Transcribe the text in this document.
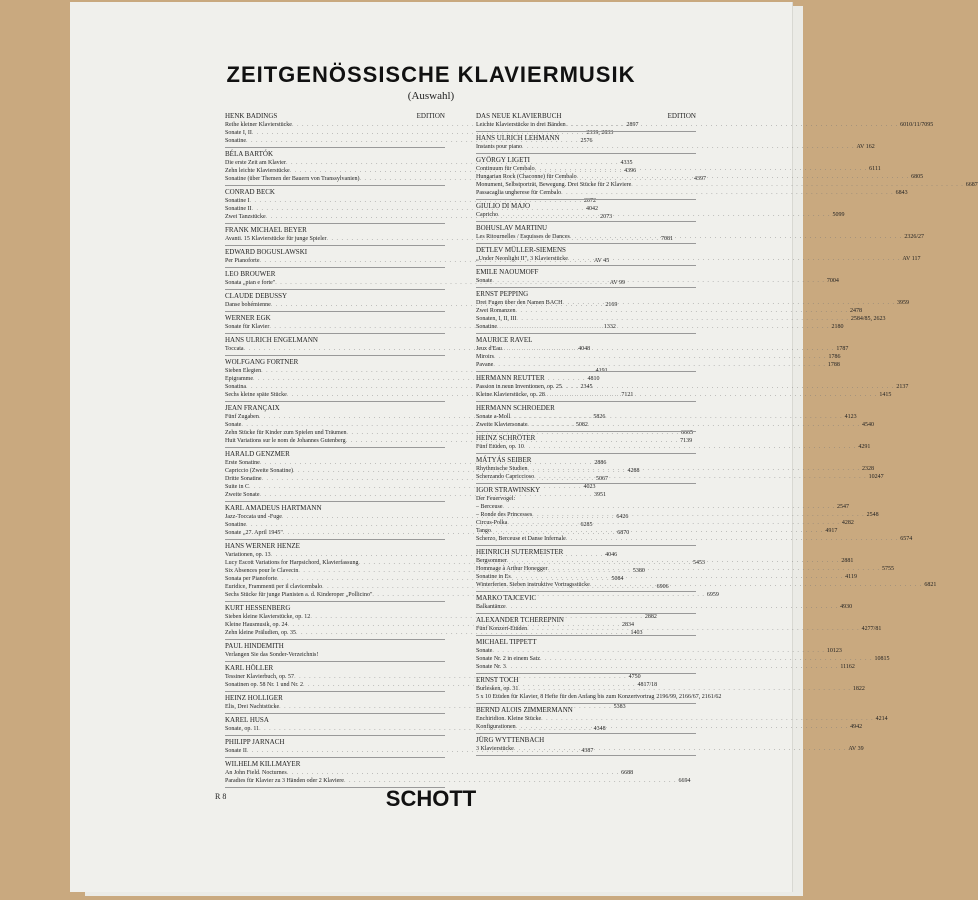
ZEITGENÖSSISCHE KLAVIERMUSIK
(Auswahl)
EDITION
HENK BADINGS
Reihe kleiner Klavierstücke . . .	2897
Sonate I, II . . .	2339, 2833
Sonatine . . .	2576
BÉLA BARTÓK
Die erste Zeit am Klavier . . .	4335
Zehn leichte Klavierstücke . . .	4396
Sonatine (über Themen der Bauern von Transsylvanien) . . .	4397
CONRAD BECK
Sonatine I . . .	2072
Sonatine II . . .	4042
Zwei Tanzstücke . . .	2073
FRANK MICHAEL BEYER
Avanti. 15 Klavierstücke für junge Spieler . . .	7081
EDWARD BOGUSLAWSKI
Per Pianoforte . . .	AV 45
LEO BROUWER
Sonata „pian e forte" . . .	AV 99
CLAUDE DEBUSSY
Danse bohémienne . . .	2169
WERNER EGK
Sonate für Klavier . . .	1332
HANS ULRICH ENGELMANN
Toccata . . .	4048
WOLFGANG FORTNER
Sieben Elegien . . .	4191
Epigramme . . .	4810
Sonatina . . .	2345
Sechs kleine späte Stücke . . .	7121
JEAN FRANÇAIX
Fünf Zugaben . . .	5826
Sonate . . .	5082
Zehn Stücke für Kinder zum Spielen und Träumen . . .	6665
Huit Variations sur le nom de Johannes Gutenberg . . .	7139
HARALD GENZMER
Erste Sonatine . . .	2886
Capriccio (Zweite Sonatine) . . .	4288
Dritte Sonatine . . .	5067
Suite in C . . .	4023
Zweite Sonate . . .	3951
KARL AMADEUS HARTMANN
Jazz-Toccata und -Fuge . . .	6426
Sonatine . . .	6285
Sonate „27. April 1945" . . .	6870
HANS WERNER HENZE
Variationen, op. 13 . . .	4046
Lucy Escott Variations for Harpsichord, Klavierfassung . . .	5453
Six Absences pour le Clavecin . . .	5380
Sonata per Pianoforte . . .	5084
Euridice, Frammenti per il clavicembalo . . .	6906
Sechs Stücke für junge Pianisten a. d. Kinderoper „Pollicino" . . .	6959
KURT HESSENBERG
Sieben kleine Klavierstücke, op. 12 . . .	2882
Kleine Hausmusik, op. 24 . . .	2834
Zehn kleine Präludien, op. 35 . . .	1403
PAUL HINDEMITH
Verlangen Sie das Sonder-Verzeichnis!
KARL HÖLLER
Tessiner Klavierbuch, op. 57 . . .	4750
Sonatinen op. 58 Nr. 1 und Nr. 2 . . .	4817/18
HEINZ HOLLIGER
Elis, Drei Nachtstücke . . .	5383
KAREL HUSA
Sonate, op. 11 . . .	4348
PHILIPP JARNACH
Sonate II . . .	4387
WILHELM KILLMAYER
An John Field. Nocturnes . . .	6688
Paradies für Klavier zu 3 Händen oder 2 Klaviere . . .	6694
DAS NEUE KLAVIERBUCH	EDITION
Leichte Klavierstücke in drei Bänden . . .	6010/11/7095
HANS ULRICH LEHMANN
Instants pour piano . . .	AV 162
GYÖRGY LIGETI
Continuum für Cembalo . . .	6111
Hungarian Rock (Chaconne) für Cembalo . . .	6805
Monument, Selbstporträt, Bewegung. Drei Stücke für 2 Klaviere . . .	6687
Passacaglia ungherese für Cembalo . . .	6843
GIULIO DI MAJO
Capricho . . .	5099
BOHUSLAV MARTINU
Les Ritournelles / Esquisses de Dances . . .	2326/27
DETLEV MÜLLER-SIEMENS
„Under Neonlight II", 3 Klavierstücke . . .	AV 117
EMILE NAOUMOFF
Sonate . . .	7004
ERNST PEPPING
Drei Fugen über den Namen BACH . . .	3959
Zwei Romanzen . . .	2478
Sonaten, I, II, III . . .	2584/85, 2623
Sonatine . . .	2180
MAURICE RAVEL
Jeux d'Eau . . .	1787
Miroirs . . .	1786
Pavane . . .	1788
HERMANN REUTTER
Passion in neun Inventionen, op. 25 . . .	2137
Kleine Klavierstücke, op. 28 . . .	1415
HERMANN SCHROEDER
Sonate a-Moll . . .	4123
Zweite Klaviersonate . . .	4540
HEINZ SCHRÖTER
Fünf Etüden, op. 10 . . .	4291
MÁTYÁS SEIBER
Rhythmische Studien . . .	2328
Scherzando Capriccioso . . .	10247
IGOR STRAWINSKY
Der Feuervogel:
– Berceuse . . .	2547
– Ronde des Princesses . . .	2548
Circus-Polka . . .	4282
Tango . . .	4917
Scherzo, Berceuse et Danse Infernale . . .	6574
HEINRICH SUTERMEISTER
Bergsommer . . .	2881
Hommage à Arthur Honegger . . .	5755
Sonatine in Es . . .	4119
Winterferien. Sieben instruktive Vortragsstücke . . .	6821
MARKO TAJCEVIC
Balkantänze . . .	4930
ALEXANDER TCHEREPNIN
Fünf Konzert-Etüden . . .	4277/81
MICHAEL TIPPETT
Sonate . . .	10123
Sonate Nr. 2 in einem Satz . . .	10815
Sonate Nr. 3 . . .	11162
ERNST TOCH
Burlesken, op. 31 . . .	1822
5 x 10 Etüden für Klavier, 8 Hefte für den Anfang bis zum Konzertvortrag 2196/99, 2166/67, 2161/62
BERND ALOIS ZIMMERMANN
Enchiridion. Kleine Stücke . . .	4214
Konfigurationen . . .	4942
JÜRG WYTTENBACH
3 Klavierstücke . . .	AV 39
R 8	SCHOTT
